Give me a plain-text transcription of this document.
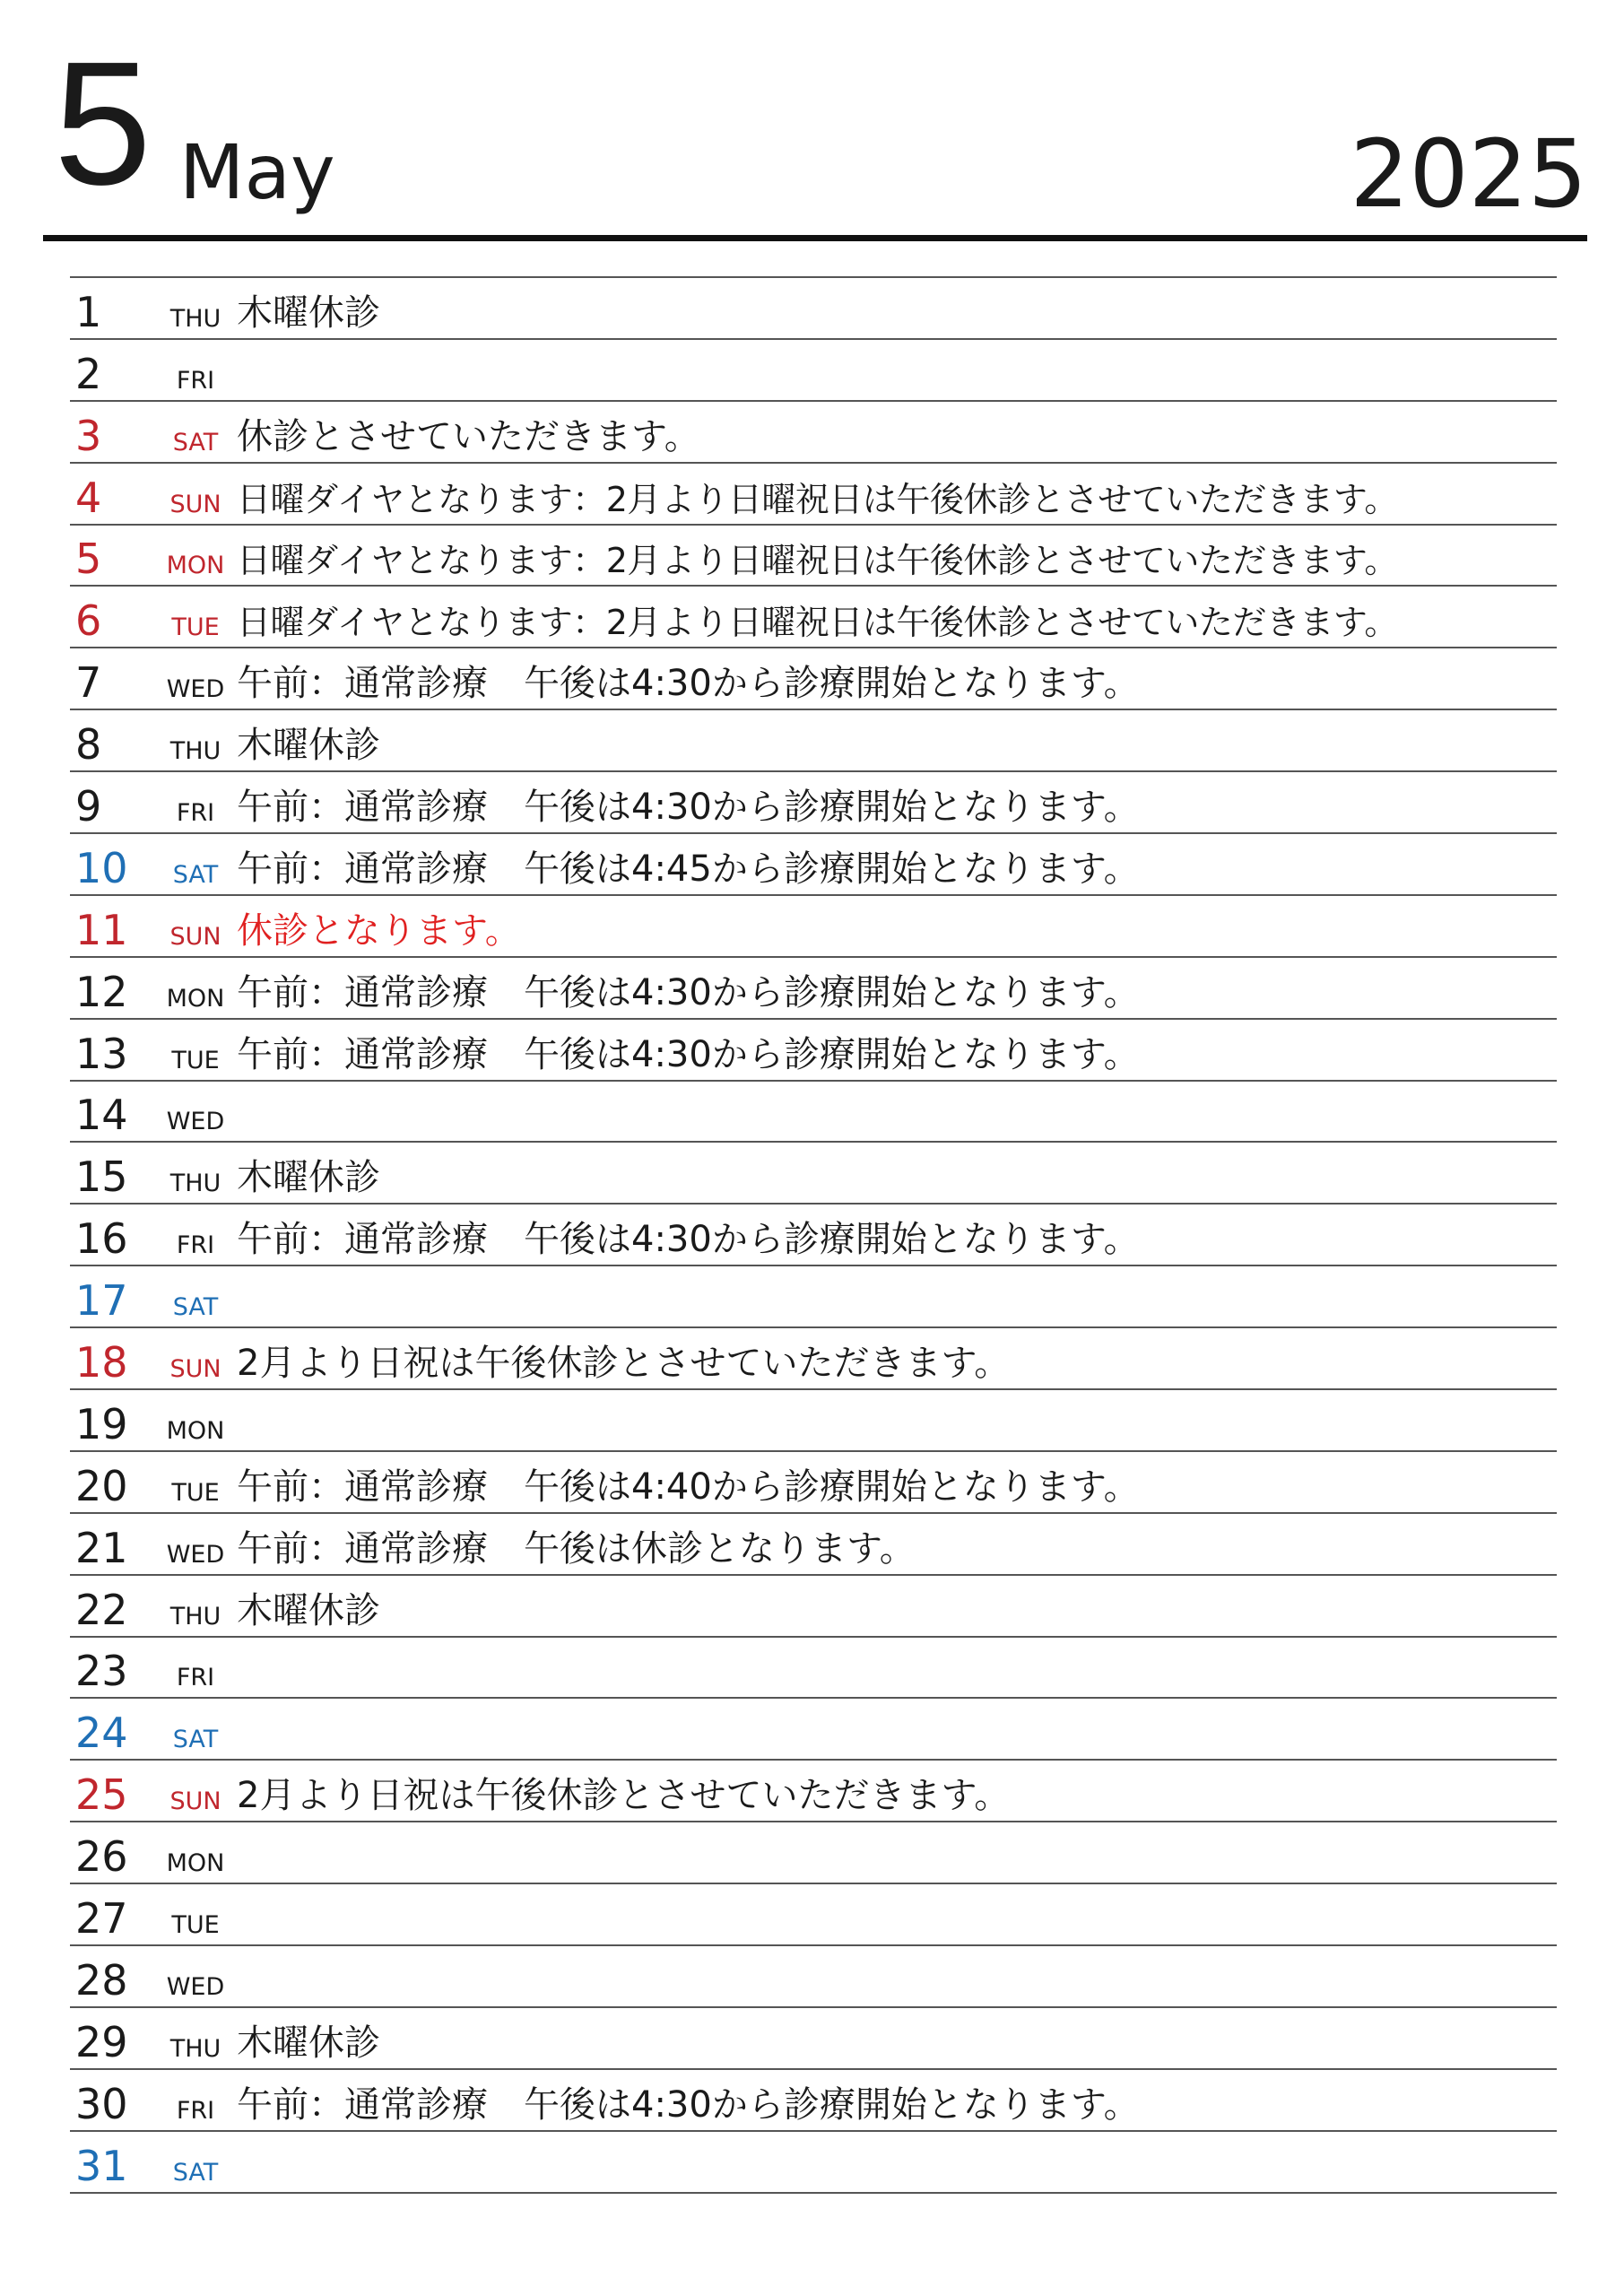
5 May	2025
1	THU 木曜休診
2	FRI
3	SAT 休診とさせていただきます。
4	SUN 日曜ダイヤとなります：2月より日曜祝日は午後休診とさせていただきます。
5	MON 日曜ダイヤとなります：2月より日曜祝日は午後休診とさせていただきます。
6	TUE 日曜ダイヤとなります：2月より日曜祝日は午後休診とさせていただきます。
7	WED 午前：通常診療　午後は4:30から診療開始となります。
8	THU 木曜休診
9	FRI 午前：通常診療　午後は4:30から診療開始となります。
10	SAT 午前：通常診療　午後は4:45から診療開始となります。
11	SUN 休診となります。
12	MON 午前：通常診療　午後は4:30から診療開始となります。
13	TUE 午前：通常診療　午後は4:30から診療開始となります。
14	WED
15	THU 木曜休診
16	FRI 午前：通常診療　午後は4:30から診療開始となります。
17	SAT
18	SUN 2月より日祝は午後休診とさせていただきます。
19	MON
20	TUE 午前：通常診療　午後は4:40から診療開始となります。
21	WED 午前：通常診療　午後は休診となります。
22	THU 木曜休診
23	FRI
24	SAT
25	SUN 2月より日祝は午後休診とさせていただきます。
26	MON
27	TUE
28	WED
29	THU 木曜休診
30	FRI 午前：通常診療　午後は4:30から診療開始となります。
31	SAT
